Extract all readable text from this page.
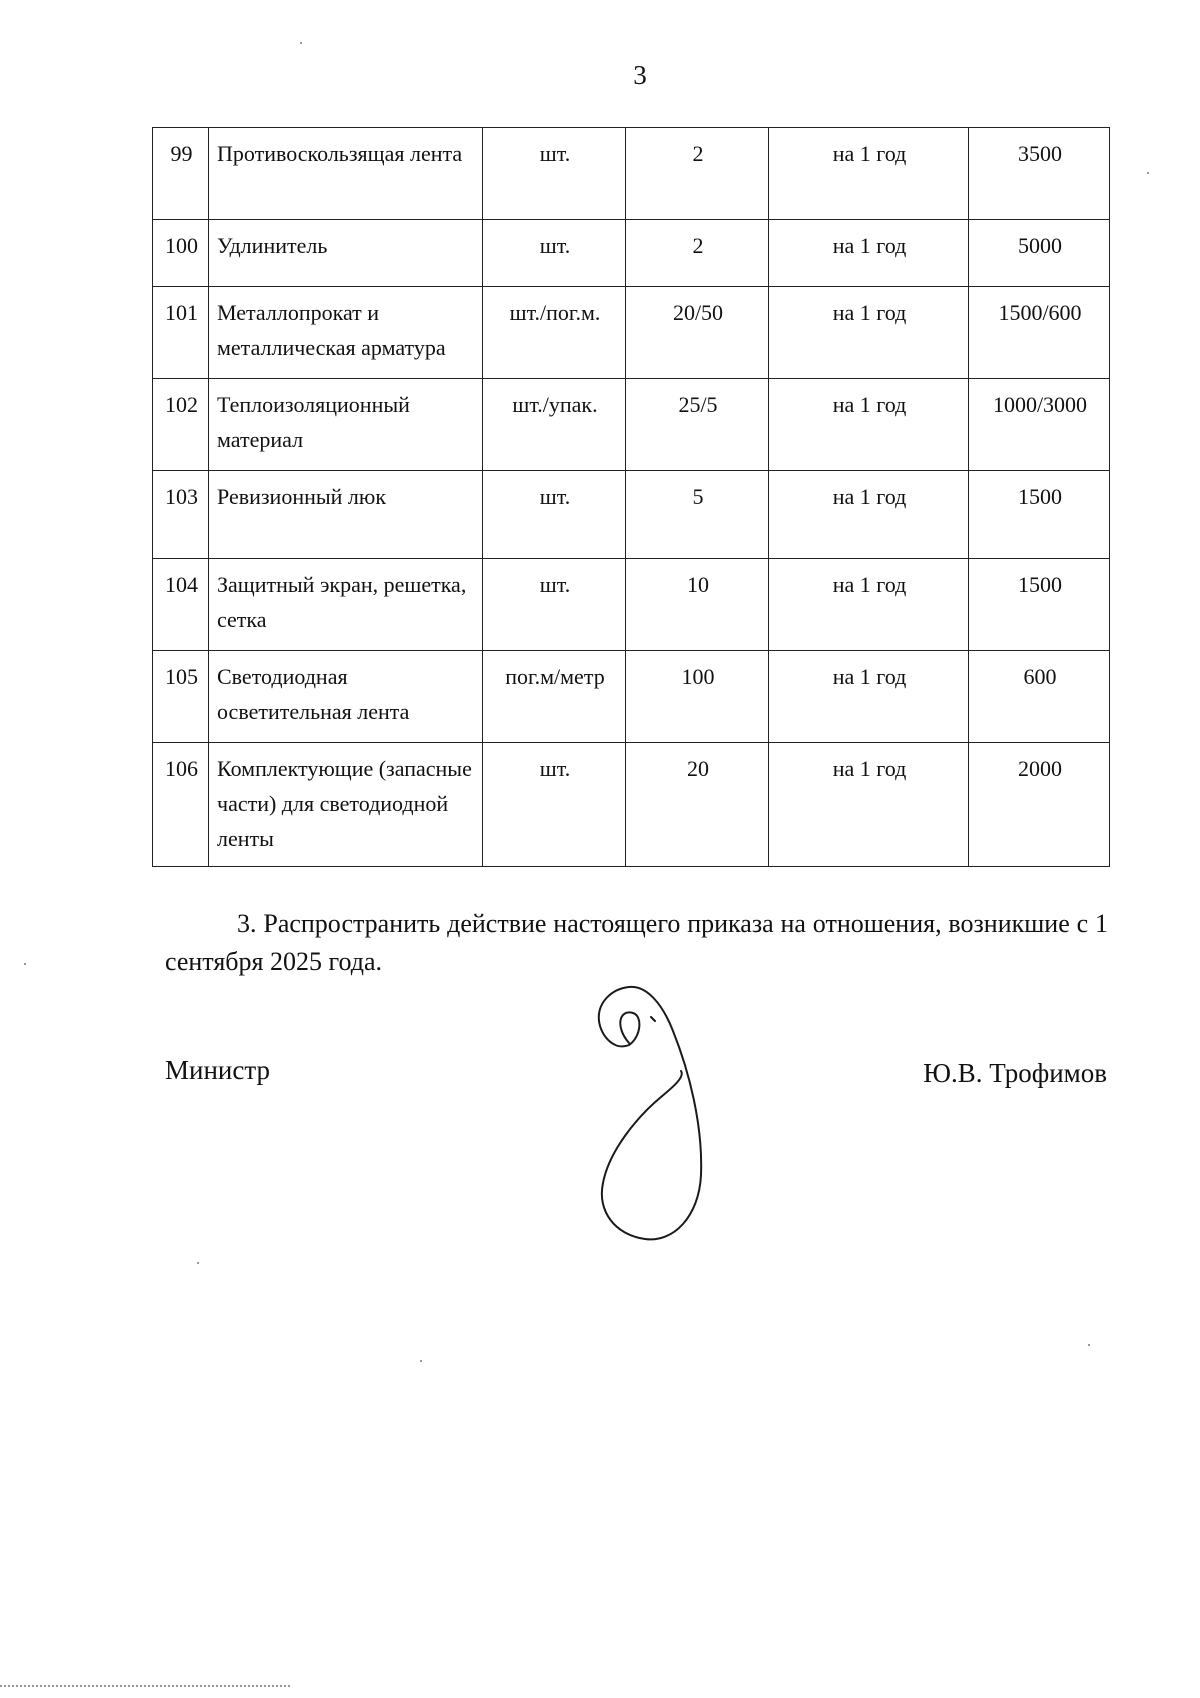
3
99	Противоскользящая лента	шт.	2	на 1 год	3500
100	Удлинитель	шт.	2	на 1 год	5000
101	Металлопрокат и металлическая арматура	шт./пог.м.	20/50	на 1 год	1500/600
102	Теплоизоляционный материал	шт./упак.	25/5	на 1 год	1000/3000
103	Ревизионный люк	шт.	5	на 1 год	1500
104	Защитный экран, решетка, сетка	шт.	10	на 1 год	1500
105	Светодиодная осветительная лента	пог.м/метр	100	на 1 год	600
106	Комплектующие (запасные части) для светодиодной ленты	шт.	20	на 1 год	2000

3. Распространить действие настоящего приказа на отношения, возникшие с 1 сентября 2025 года.

Министр	Ю.В. Трофимов
